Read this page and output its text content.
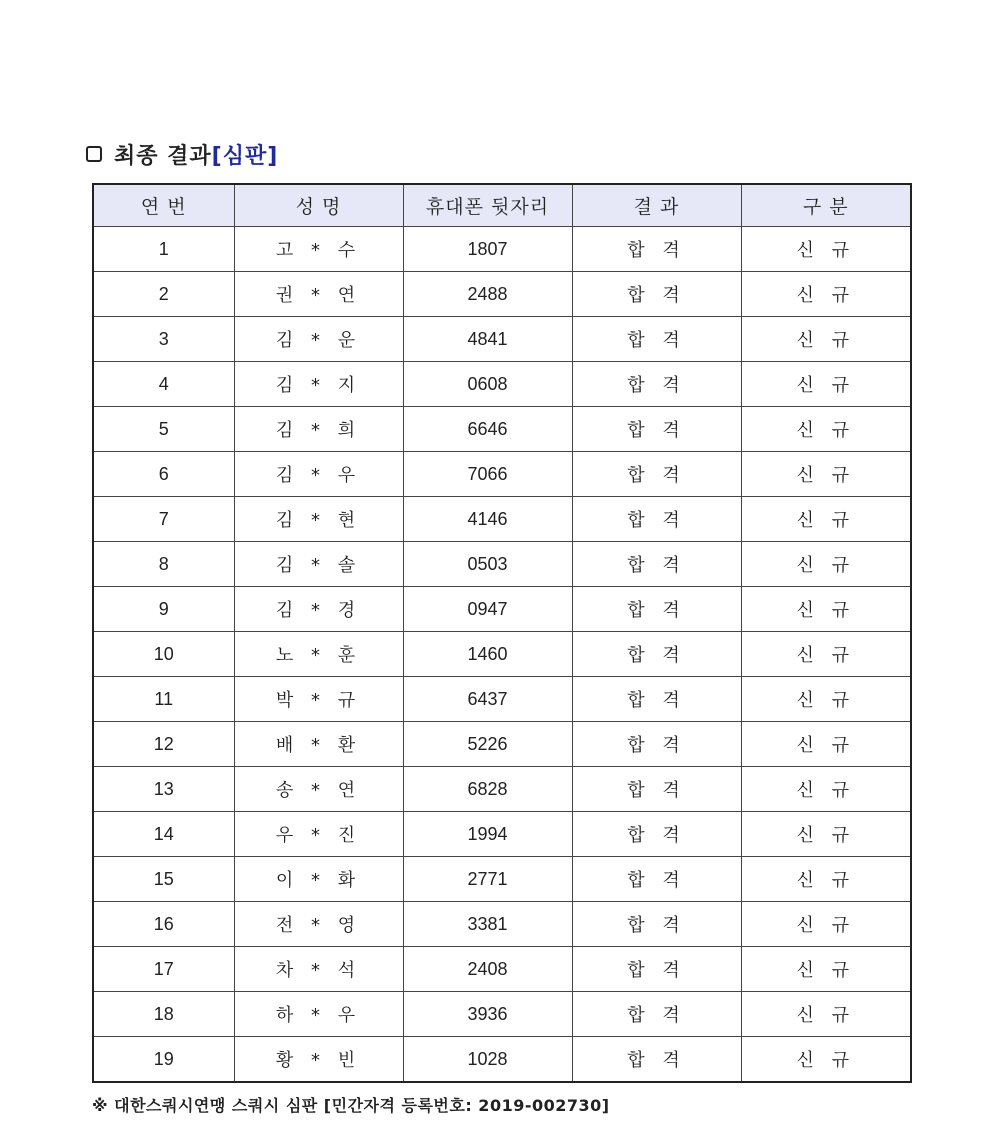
최종 결과 [심판]
연 번	성 명	휴대폰 뒷자리	결 과	구 분
1	고 * 수	1807	합 격	신 규
2	권 * 연	2488	합 격	신 규
3	김 * 운	4841	합 격	신 규
4	김 * 지	0608	합 격	신 규
5	김 * 희	6646	합 격	신 규
6	김 * 우	7066	합 격	신 규
7	김 * 현	4146	합 격	신 규
8	김 * 솔	0503	합 격	신 규
9	김 * 경	0947	합 격	신 규
10	노 * 훈	1460	합 격	신 규
11	박 * 규	6437	합 격	신 규
12	배 * 환	5226	합 격	신 규
13	송 * 연	6828	합 격	신 규
14	우 * 진	1994	합 격	신 규
15	이 * 화	2771	합 격	신 규
16	전 * 영	3381	합 격	신 규
17	차 * 석	2408	합 격	신 규
18	하 * 우	3936	합 격	신 규
19	황 * 빈	1028	합 격	신 규
※ 대한스쿼시연맹 스쿼시 심판 [민간자격 등록번호: 2019-002730]
